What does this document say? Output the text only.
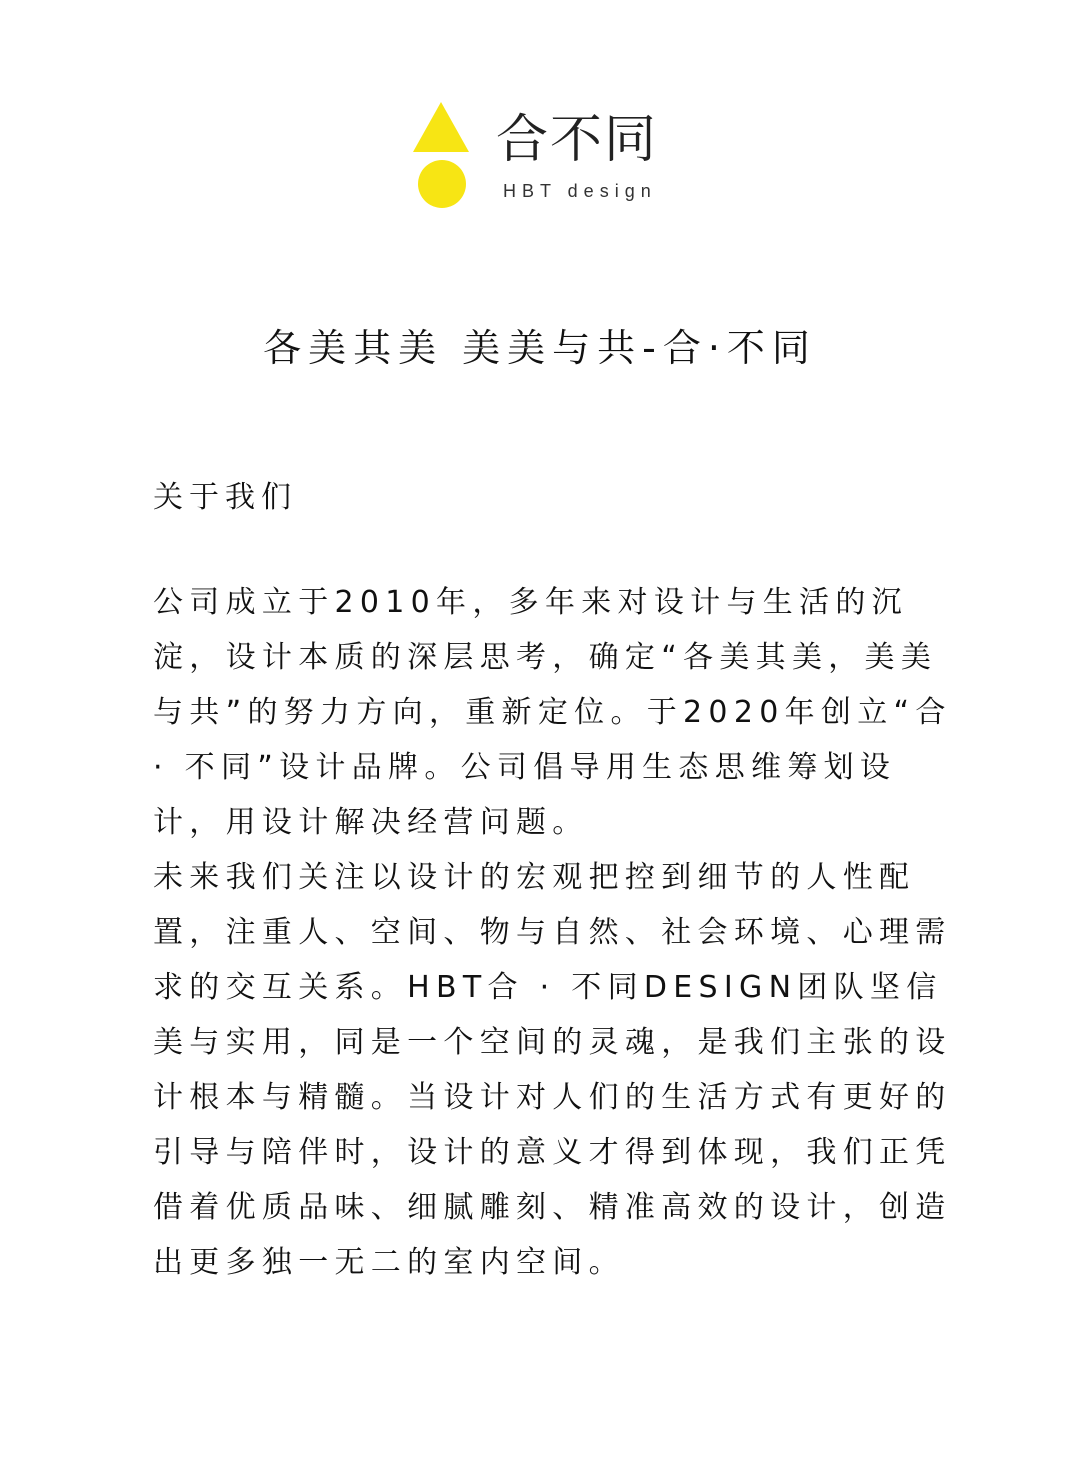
合不同
HBT design
各美其美 美美与共-合·不同
关于我们

公司成立于2010年，多年来对设计与生活的沉淀，设计本质的深层思考，确定“各美其美，美美与共”的努力方向，重新定位。于2020年创立“合 · 不同”设计品牌。公司倡导用生态思维筹划设计，用设计解决经营问题。

未来我们关注以设计的宏观把控到细节的人性配置，注重人、空间、物与自然、社会环境、心理需求的交互关系。HBT合 · 不同DESIGN团队坚信美与实用，同是一个空间的灵魂，是我们主张的设计根本与精髓。当设计对人们的生活方式有更好的引导与陪伴时，设计的意义才得到体现，我们正凭借着优质品味、细腻雕刻、精准高效的设计，创造出更多独一无二的室内空间。
